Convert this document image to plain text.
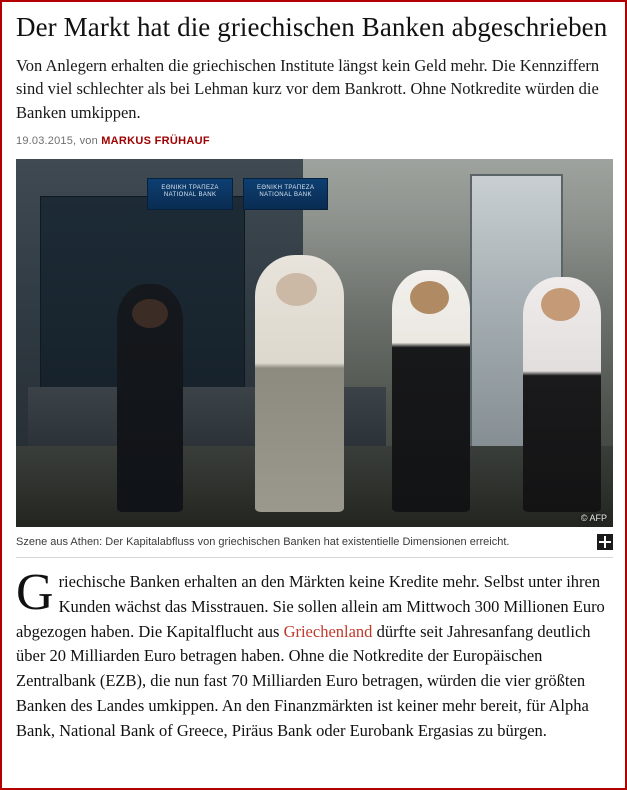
Der Markt hat die griechischen Banken abgeschrieben

Von Anlegern erhalten die griechischen Institute längst kein Geld mehr. Die Kennziffern sind viel schlechter als bei Lehman kurz vor dem Bankrott. Ohne Notkredite würden die Banken umkippen.

19.03.2015, von MARKUS FRÜHAUF
ΕΘΝΙΚΗ ΤΡΑΠΕΖΑ NATIONAL BANK
ΕΘΝΙΚΗ ΤΡΑΠΕΖΑ NATIONAL BANK
© AFP
Szene aus Athen: Der Kapitalabfluss von griechischen Banken hat existentielle Dimensionen erreicht.

Griechische Banken erhalten an den Märkten keine Kredite mehr. Selbst unter ihren Kunden wächst das Misstrauen. Sie sollen allein am Mittwoch 300 Millionen Euro abgezogen haben. Die Kapitalflucht aus Griechenland dürfte seit Jahresanfang deutlich über 20 Milliarden Euro betragen haben. Ohne die Notkredite der Europäischen Zentralbank (EZB), die nun fast 70 Milliarden Euro betragen, würden die vier größten Banken des Landes umkippen. An den Finanzmärkten ist keiner mehr bereit, für Alpha Bank, National Bank of Greece, Piräus Bank oder Eurobank Ergasias zu bürgen.
